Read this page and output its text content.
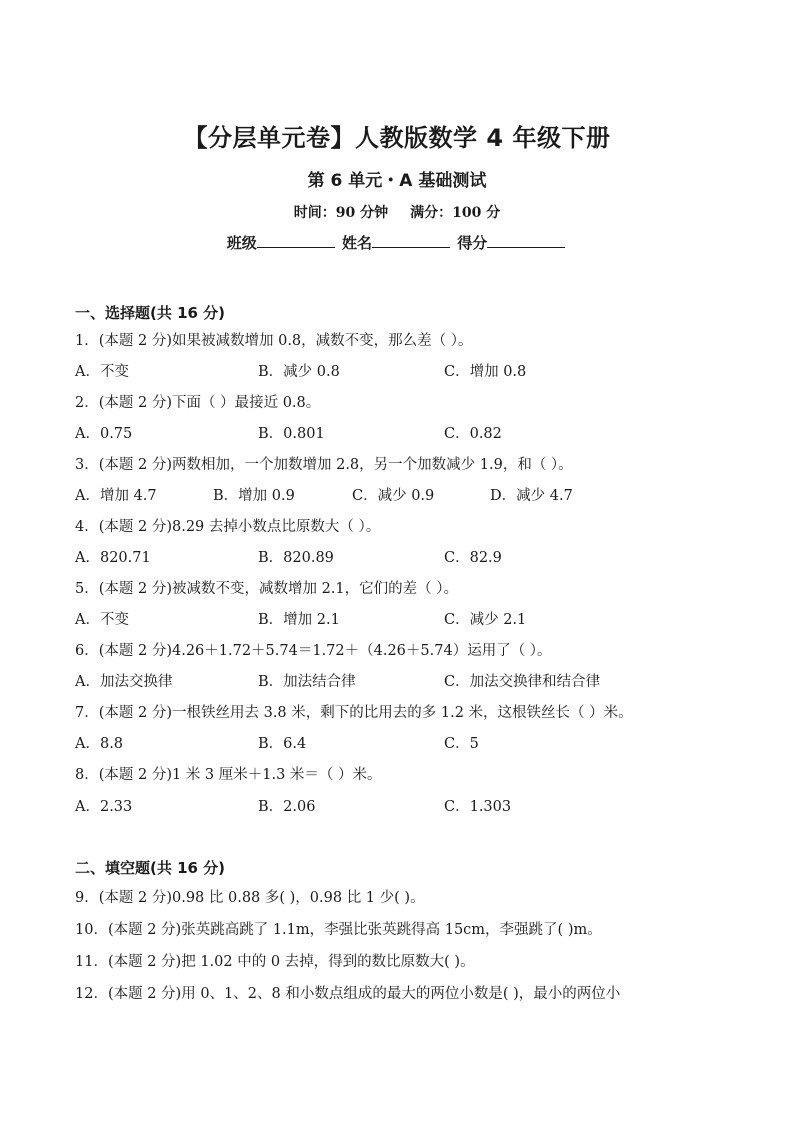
【分层单元卷】人教版数学 4 年级下册
第 6 单元・A 基础测试
时间：90 分钟 满分：100 分
班级	姓名	得分
一、选择题(共 16 分)
1．(本题 2 分)如果被减数增加 0.8，减数不变，那么差（ ）。
A．不变	B．减少 0.8	C．增加 0.8
2．(本题 2 分)下面（ ）最接近 0.8。
A．0.75	B．0.801	C．0.82
3．(本题 2 分)两数相加，一个加数增加 2.8，另一个加数减少 1.9，和（ ）。
A．增加 4.7	B．增加 0.9	C．减少 0.9	D．减少 4.7
4．(本题 2 分)8.29 去掉小数点比原数大（ ）。
A．820.71	B．820.89	C．82.9
5．(本题 2 分)被减数不变，减数增加 2.1，它们的差（ ）。
A．不变	B．增加 2.1	C．减少 2.1
6．(本题 2 分)4.26＋1.72＋5.74＝1.72＋（4.26＋5.74）运用了（ ）。
A．加法交换律	B．加法结合律	C．加法交换律和结合律
7．(本题 2 分)一根铁丝用去 3.8 米，剩下的比用去的多 1.2 米，这根铁丝长（ ）米。
A．8.8	B．6.4	C．5
8．(本题 2 分)1 米 3 厘米＋1.3 米＝（ ）米。
A．2.33	B．2.06	C．1.303
二、填空题(共 16 分)
9．(本题 2 分)0.98 比 0.88 多( )，0.98 比 1 少( )。
10．(本题 2 分)张英跳高跳了 1.1m，李强比张英跳得高 15cm，李强跳了( )m。
11．(本题 2 分)把 1.02 中的 0 去掉，得到的数比原数大( )。
12．(本题 2 分)用 0、1、2、8 和小数点组成的最大的两位小数是( )，最小的两位小
